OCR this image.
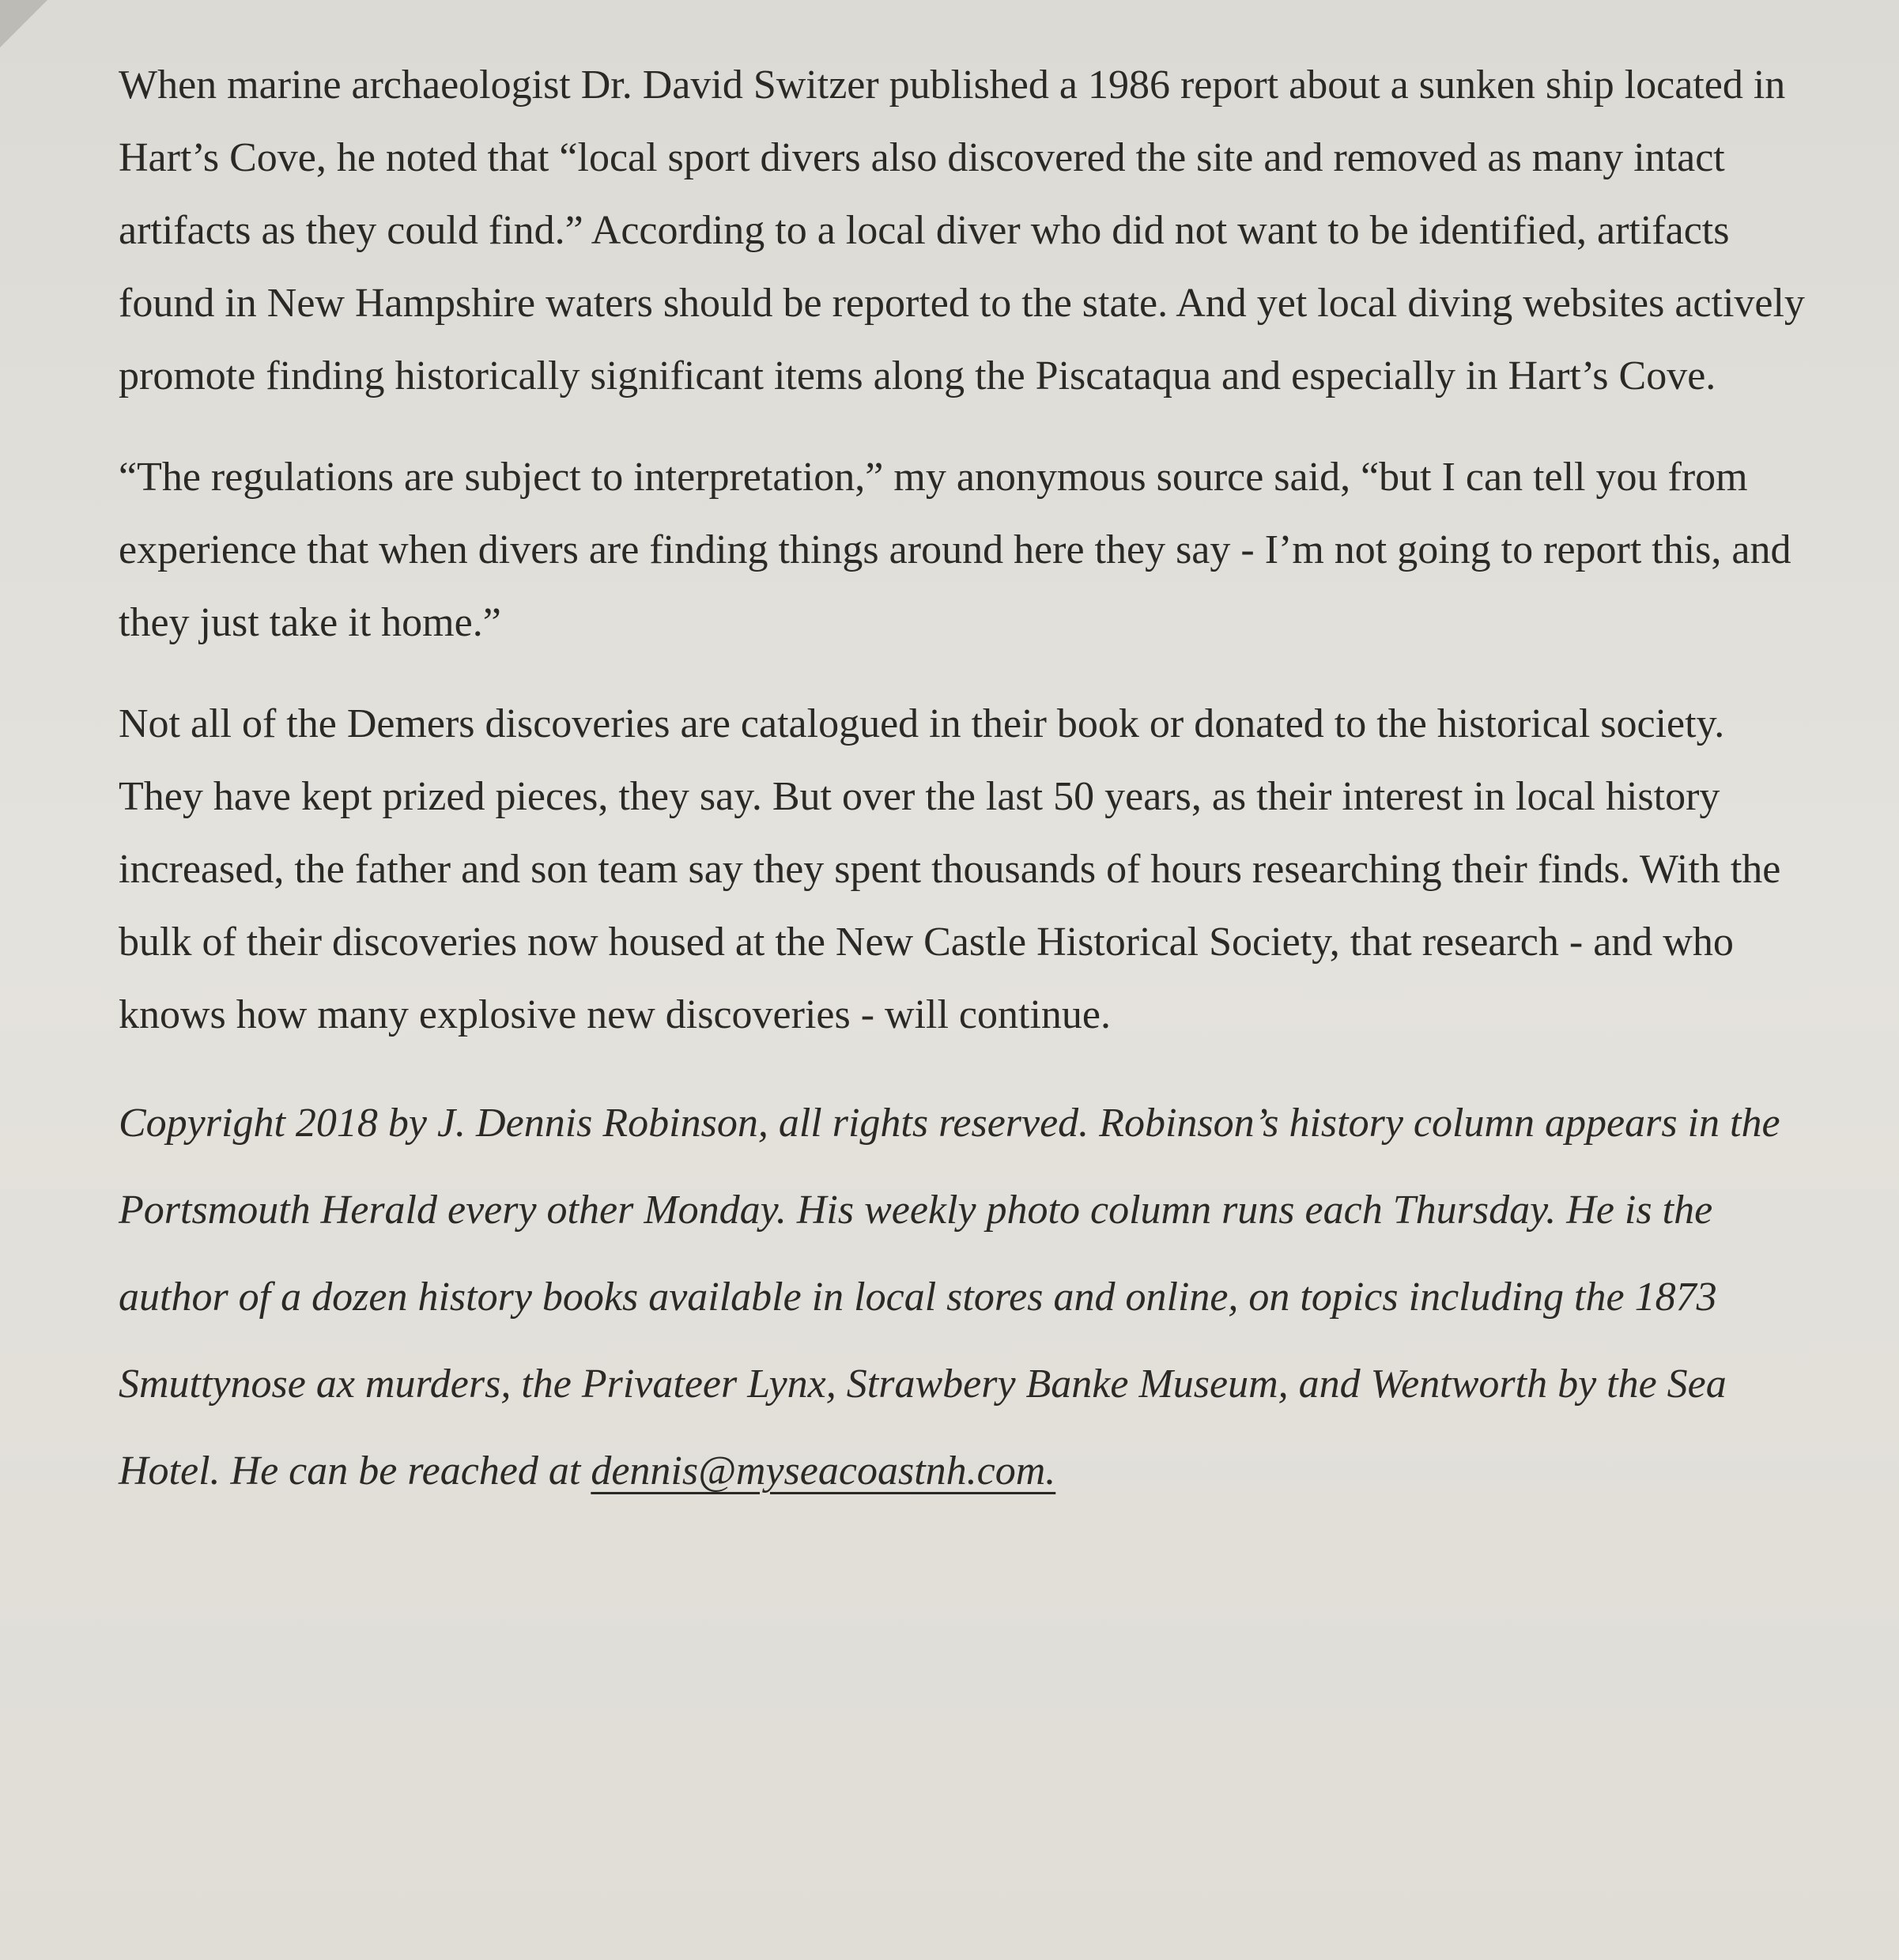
When marine archaeologist Dr. David Switzer published a 1986 report about a sunken ship located in Hart’s Cove, he noted that “local sport divers also discovered the site and removed as many intact artifacts as they could find.” According to a local diver who did not want to be identified, artifacts found in New Hampshire waters should be reported to the state. And yet local diving websites actively promote finding historically significant items along the Piscataqua and especially in Hart’s Cove.

“The regulations are subject to interpretation,” my anonymous source said, “but I can tell you from experience that when divers are finding things around here they say - I’m not going to report this, and they just take it home.”

Not all of the Demers discoveries are catalogued in their book or donated to the historical society. They have kept prized pieces, they say. But over the last 50 years, as their interest in local history increased, the father and son team say they spent thousands of hours researching their finds. With the bulk of their discoveries now housed at the New Castle Historical Society, that research - and who knows how many explosive new discoveries - will continue.

Copyright 2018 by J. Dennis Robinson, all rights reserved. Robinson’s history column appears in the Portsmouth Herald every other Monday. His weekly photo column runs each Thursday. He is the author of a dozen history books available in local stores and online, on topics including the 1873 Smuttynose ax murders, the Privateer Lynx, Strawbery Banke Museum, and Wentworth by the Sea Hotel. He can be reached at dennis@myseacoastnh.com.
